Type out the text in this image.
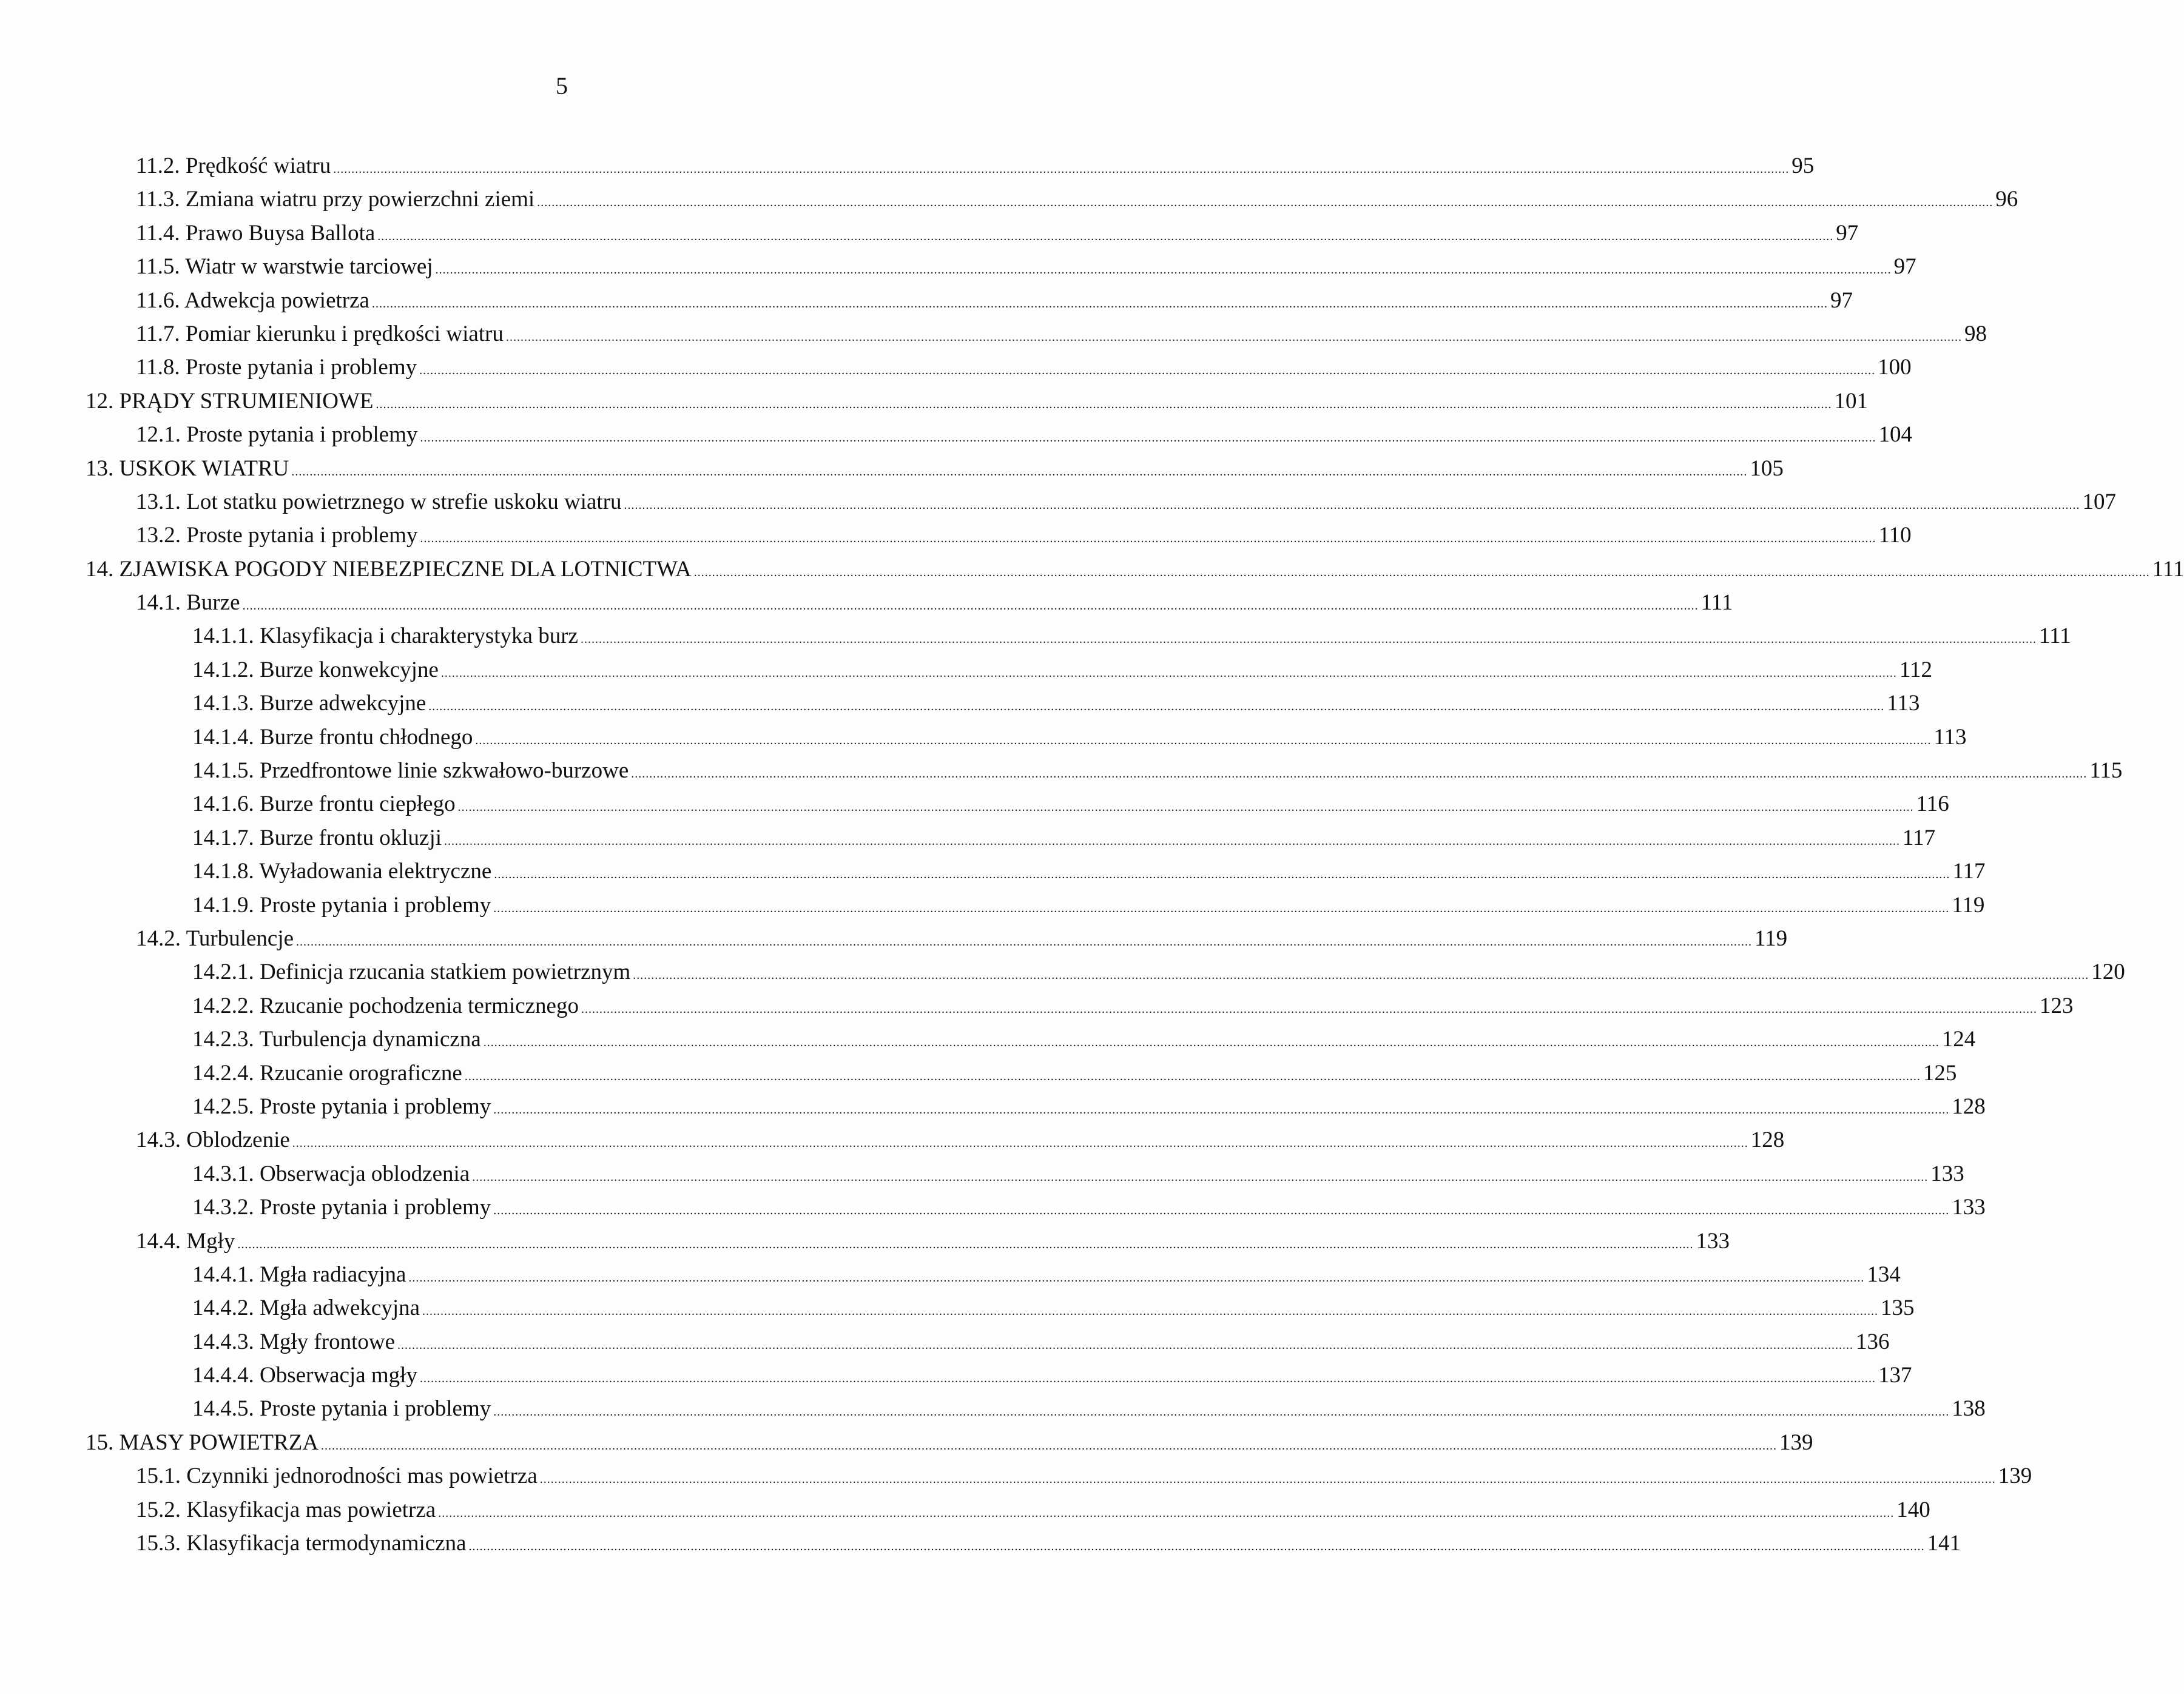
5
11.2. Prędkość wiatru ................................................................................................................................................................................................................................................................................................................................................................................................................ 95
11.3. Zmiana wiatru przy powierzchni ziemi ................................................................................................................................................................................................................................................................................................................................................................................................................ 96
11.4. Prawo Buysa Ballota ................................................................................................................................................................................................................................................................................................................................................................................................................ 97
11.5. Wiatr w warstwie tarciowej ................................................................................................................................................................................................................................................................................................................................................................................................................ 97
11.6. Adwekcja powietrza ................................................................................................................................................................................................................................................................................................................................................................................................................ 97
11.7. Pomiar kierunku i prędkości wiatru ................................................................................................................................................................................................................................................................................................................................................................................................................ 98
11.8. Proste pytania i problemy ................................................................................................................................................................................................................................................................................................................................................................................................................ 100
12. PRĄDY STRUMIENIOWE ................................................................................................................................................................................................................................................................................................................................................................................................................ 101
12.1. Proste pytania i problemy ................................................................................................................................................................................................................................................................................................................................................................................................................ 104
13. USKOK WIATRU ................................................................................................................................................................................................................................................................................................................................................................................................................ 105
13.1. Lot statku powietrznego w strefie uskoku wiatru ................................................................................................................................................................................................................................................................................................................................................................................................................ 107
13.2. Proste pytania i problemy ................................................................................................................................................................................................................................................................................................................................................................................................................ 110
14. ZJAWISKA POGODY NIEBEZPIECZNE DLA LOTNICTWA ................................................................................................................................................................................................................................................................................................................................................................................................................ 111
14.1. Burze ................................................................................................................................................................................................................................................................................................................................................................................................................ 111
14.1.1. Klasyfikacja i charakterystyka burz ................................................................................................................................................................................................................................................................................................................................................................................................................ 111
14.1.2. Burze konwekcyjne ................................................................................................................................................................................................................................................................................................................................................................................................................ 112
14.1.3. Burze adwekcyjne ................................................................................................................................................................................................................................................................................................................................................................................................................ 113
14.1.4. Burze frontu chłodnego ................................................................................................................................................................................................................................................................................................................................................................................................................ 113
14.1.5. Przedfrontowe linie szkwałowo-burzowe ................................................................................................................................................................................................................................................................................................................................................................................................................ 115
14.1.6. Burze frontu ciepłego ................................................................................................................................................................................................................................................................................................................................................................................................................ 116
14.1.7. Burze frontu okluzji ................................................................................................................................................................................................................................................................................................................................................................................................................ 117
14.1.8. Wyładowania elektryczne ................................................................................................................................................................................................................................................................................................................................................................................................................ 117
14.1.9. Proste pytania i problemy ................................................................................................................................................................................................................................................................................................................................................................................................................ 119
14.2. Turbulencje ................................................................................................................................................................................................................................................................................................................................................................................................................ 119
14.2.1. Definicja rzucania statkiem powietrznym ................................................................................................................................................................................................................................................................................................................................................................................................................ 120
14.2.2. Rzucanie pochodzenia termicznego ................................................................................................................................................................................................................................................................................................................................................................................................................ 123
14.2.3. Turbulencja dynamiczna ................................................................................................................................................................................................................................................................................................................................................................................................................ 124
14.2.4. Rzucanie orograficzne ................................................................................................................................................................................................................................................................................................................................................................................................................ 125
14.2.5. Proste pytania i problemy ................................................................................................................................................................................................................................................................................................................................................................................................................ 128
14.3. Oblodzenie ................................................................................................................................................................................................................................................................................................................................................................................................................ 128
14.3.1. Obserwacja oblodzenia ................................................................................................................................................................................................................................................................................................................................................................................................................ 133
14.3.2. Proste pytania i problemy ................................................................................................................................................................................................................................................................................................................................................................................................................ 133
14.4. Mgły ................................................................................................................................................................................................................................................................................................................................................................................................................ 133
14.4.1. Mgła radiacyjna ................................................................................................................................................................................................................................................................................................................................................................................................................ 134
14.4.2. Mgła adwekcyjna ................................................................................................................................................................................................................................................................................................................................................................................................................ 135
14.4.3. Mgły frontowe ................................................................................................................................................................................................................................................................................................................................................................................................................ 136
14.4.4. Obserwacja mgły ................................................................................................................................................................................................................................................................................................................................................................................................................ 137
14.4.5. Proste pytania i problemy ................................................................................................................................................................................................................................................................................................................................................................................................................ 138
15. MASY POWIETRZA ................................................................................................................................................................................................................................................................................................................................................................................................................ 139
15.1. Czynniki jednorodności mas powietrza ................................................................................................................................................................................................................................................................................................................................................................................................................ 139
15.2. Klasyfikacja mas powietrza ................................................................................................................................................................................................................................................................................................................................................................................................................ 140
15.3. Klasyfikacja termodynamiczna ................................................................................................................................................................................................................................................................................................................................................................................................................ 141
